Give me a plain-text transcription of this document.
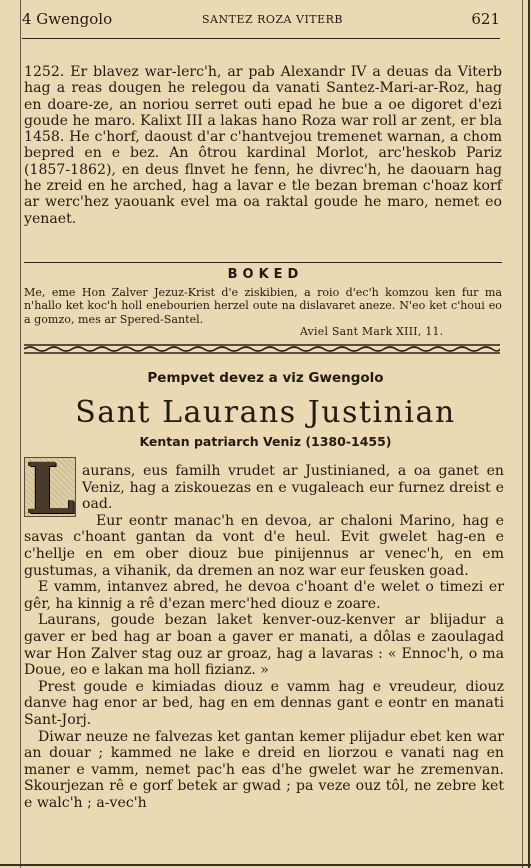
4 Gwengolo	SANTEZ ROZA VITERB	621

1252. Er blavez war-lerc'h, ar pab Alexandr IV a deuas da Viterb hag a reas dougen he relegou da vanati Santez-Mari-ar-Roz, hag en doare-ze, an noriou serret outi epad he bue a oe digoret d'ezi goude he maro. Kalixt III a lakas hano Roza war roll ar zent, er bla 1458. He c'horf, daoust d'ar c'hantvejou tremenet warnan, a chom bepred en e bez. An ôtrou kardinal Morlot, arc'heskob Pariz (1857-1862), en deus flnvet he fenn, he divrec'h, he daouarn hag he zreid en he arched, hag a lavar e tle bezan breman c'hoaz korf ar werc'hez yaouank evel ma oa raktal goude he maro, nemet eo yenaet.

BOKED

Me, eme Hon Zalver Jezuz-Krist d'e ziskibien, a roio d'ec'h komzou ken fur ma n'hallo ket koc'h holl enebourien herzel oute na dislavaret aneze. N'eo ket c'houi eo a gomzo, mes ar Spered-Santel.

Aviel Sant Mark XIII, 11.
Pempvet devez a viz Gwengolo
Sant Laurans Justinian
Kentan patriarch Veniz (1380-1455)

L aurans, eus familh vrudet ar Justinianed, a oa ganet en Veniz, hag a ziskouezas en e vugaleach eur furnez dreist e oad.

Eur eontr manac'h en devoa, ar chaloni Marino, hag e savas c'hoant gantan da vont d'e heul. Evit gwelet hag-en e c'hellje en em ober diouz bue pinijennus ar venec'h, en em gustumas, a vihanik, da dremen an noz war eur feusken goad.

E vamm, intanvez abred, he devoa c'hoant d'e welet o timezi er gêr, ha kinnig a rê d'ezan merc'hed diouz e zoare.

Laurans, goude bezan laket kenver-ouz-kenver ar blijadur a gaver er bed hag ar boan a gaver er manati, a dôlas e zaoulagad war Hon Zalver stag ouz ar groaz, hag a lavaras : « Ennoc'h, o ma Doue, eo e lakan ma holl fizianz. »

Prest goude e kimiadas diouz e vamm hag e vreudeur, diouz danve hag enor ar bed, hag en em dennas gant e eontr en manati Sant-Jorj.

Diwar neuze ne falvezas ket gantan kemer plijadur ebet ken war an douar ; kammed ne lake e dreid en liorzou e vanati nag en maner e vamm, nemet pac'h eas d'he gwelet war he zremenvan. Skourjezan rê e gorf betek ar gwad ; pa veze ouz tôl, ne zebre ket e walc'h ; a-vec'h
